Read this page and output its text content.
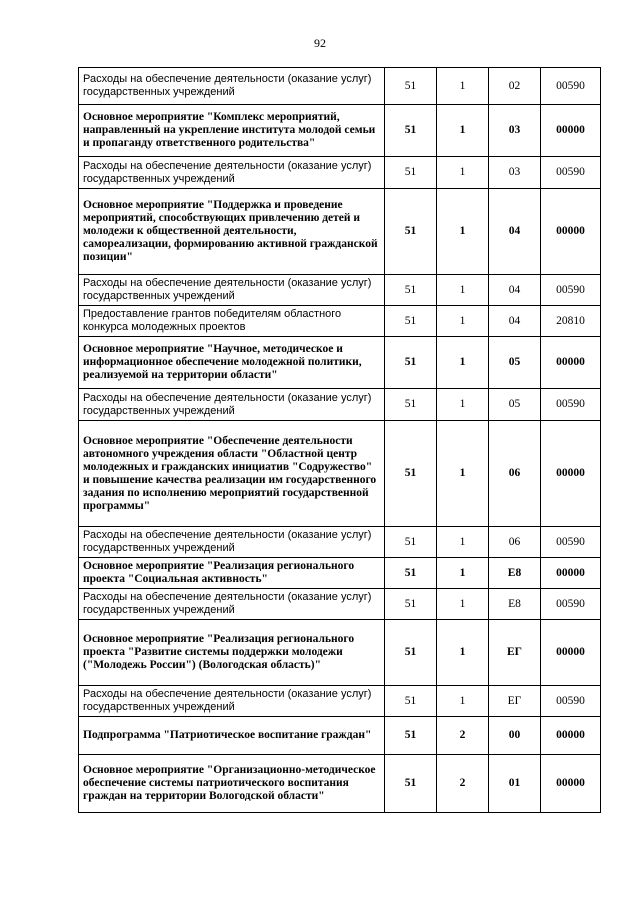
92
Расходы на обеспечение деятельности (оказание услуг) государственных учреждений	51	1	02	00590
Основное мероприятие "Комплекс мероприятий, направленный на укрепление института молодой семьи и пропаганду ответственного родительства"	51	1	03	00000
Расходы на обеспечение деятельности (оказание услуг) государственных учреждений	51	1	03	00590
Основное мероприятие "Поддержка и проведение мероприятий, способствующих привлечению детей и молодежи к общественной деятельности, самореализации, формированию активной гражданской позиции"	51	1	04	00000
Расходы на обеспечение деятельности (оказание услуг) государственных учреждений	51	1	04	00590
Предоставление грантов победителям областного конкурса молодежных проектов	51	1	04	20810
Основное мероприятие "Научное, методическое и информационное обеспечение молодежной политики, реализуемой на территории области"	51	1	05	00000
Расходы на обеспечение деятельности (оказание услуг) государственных учреждений	51	1	05	00590
Основное мероприятие "Обеспечение деятельности автономного учреждения области "Областной центр молодежных и гражданских инициатив "Содружество" и повышение качества реализации им государственного задания по исполнению мероприятий государственной программы"	51	1	06	00000
Расходы на обеспечение деятельности (оказание услуг) государственных учреждений	51	1	06	00590
Основное мероприятие "Реализация регионального проекта "Социальная активность"	51	1	Е8	00000
Расходы на обеспечение деятельности (оказание услуг) государственных учреждений	51	1	Е8	00590
Основное мероприятие "Реализация регионального проекта "Развитие системы поддержки молодежи ("Молодежь России") (Вологодская область)"	51	1	ЕГ	00000
Расходы на обеспечение деятельности (оказание услуг) государственных учреждений	51	1	ЕГ	00590
Подпрограмма "Патриотическое воспитание граждан"	51	2	00	00000
Основное мероприятие "Организационно-методическое обеспечение системы патриотического воспитания граждан на территории Вологодской области"	51	2	01	00000
